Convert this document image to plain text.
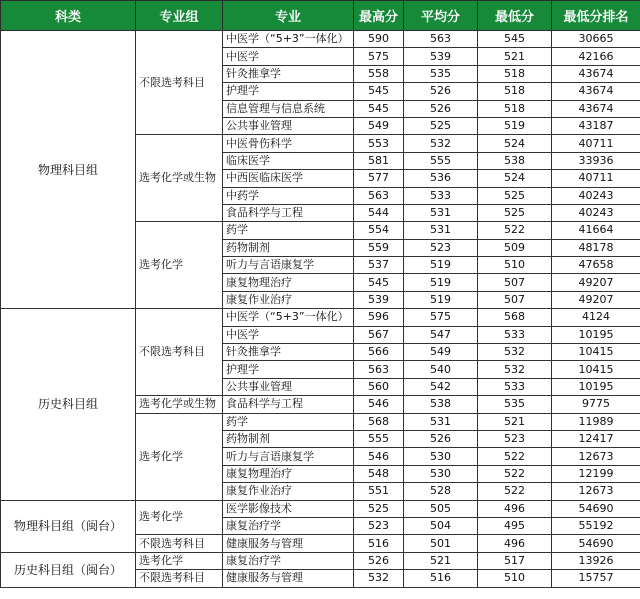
科类	专业组	专业	最高分	平均分	最低分	最低分排名
物理科目组	不限选考科目	中医学（“5+3”一体化）	590	563	545	30665
		中医学	575	539	521	42166
		针灸推拿学	558	535	518	43674
		护理学	545	526	518	43674
		信息管理与信息系统	545	526	518	43674
		公共事业管理	549	525	519	43187
	选考化学或生物	中医骨伤科学	553	532	524	40711
		临床医学	581	555	538	33936
		中西医临床医学	577	536	524	40711
		中药学	563	533	525	40243
		食品科学与工程	544	531	525	40243
	选考化学	药学	554	531	522	41664
		药物制剂	559	523	509	48178
		听力与言语康复学	537	519	510	47658
		康复物理治疗	545	519	507	49207
		康复作业治疗	539	519	507	49207
历史科目组	不限选考科目	中医学（“5+3”一体化）	596	575	568	4124
		中医学	567	547	533	10195
		针灸推拿学	566	549	532	10415
		护理学	563	540	532	10415
		公共事业管理	560	542	533	10195
	选考化学或生物	食品科学与工程	546	538	535	9775
	选考化学	药学	568	531	521	11989
		药物制剂	555	526	523	12417
		听力与言语康复学	546	530	522	12673
		康复物理治疗	548	530	522	12199
		康复作业治疗	551	528	522	12673
物理科目组（闽台）	选考化学	医学影像技术	525	505	496	54690
		康复治疗学	523	504	495	55192
	不限选考科目	健康服务与管理	516	501	496	54690
历史科目组（闽台）	选考化学	康复治疗学	526	521	517	13926
	不限选考科目	健康服务与管理	532	516	510	15757
